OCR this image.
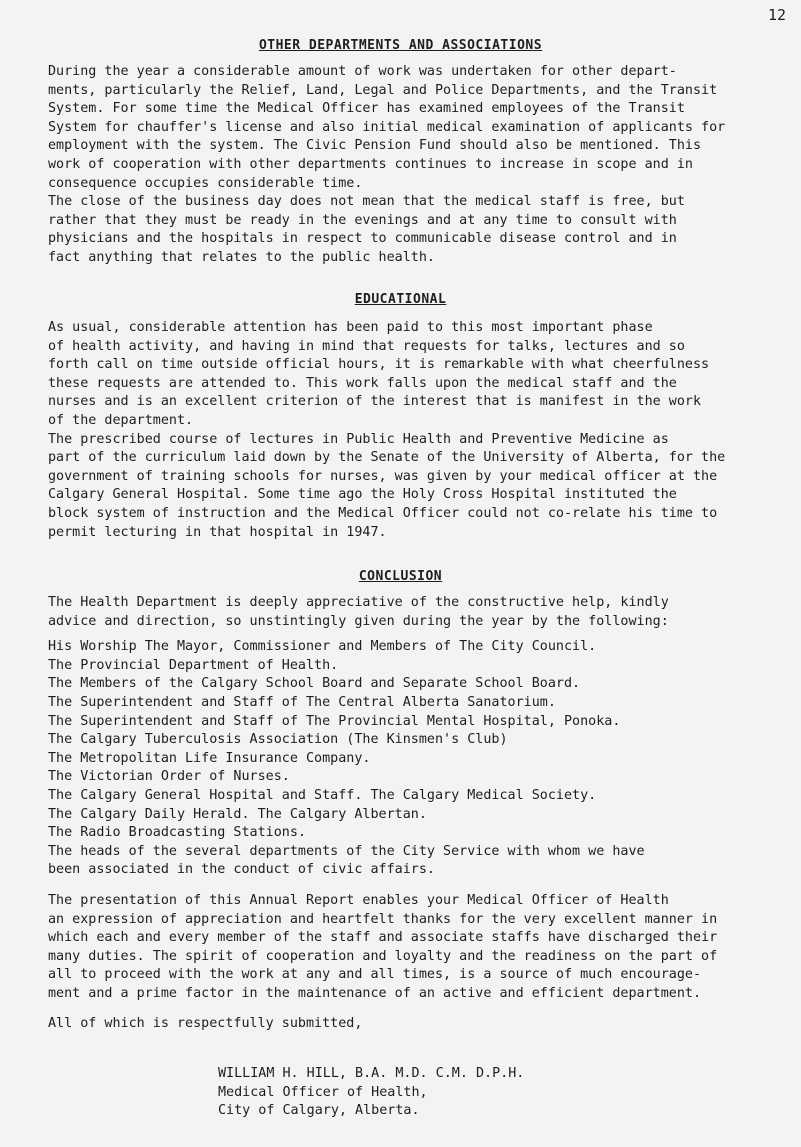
12
OTHER DEPARTMENTS AND ASSOCIATIONS

During the year a considerable amount of work was undertaken for other depart-
ments, particularly the Relief, Land, Legal and Police Departments, and the Transit
System. For some time the Medical Officer has examined employees of the Transit
System for chauffer's license and also initial medical examination of applicants for
employment with the system. The Civic Pension Fund should also be mentioned. This
work of cooperation with other departments continues to increase in scope and in
consequence occupies considerable time.

The close of the business day does not mean that the medical staff is free, but
rather that they must be ready in the evenings and at any time to consult with
physicians and the hospitals in respect to communicable disease control and in
fact anything that relates to the public health.

EDUCATIONAL

As usual, considerable attention has been paid to this most important phase
of health activity, and having in mind that requests for talks, lectures and so
forth call on time outside official hours, it is remarkable with what cheerfulness
these requests are attended to. This work falls upon the medical staff and the
nurses and is an excellent criterion of the interest that is manifest in the work
of the department.

The prescribed course of lectures in Public Health and Preventive Medicine as
part of the curriculum laid down by the Senate of the University of Alberta, for the
government of training schools for nurses, was given by your medical officer at the
Calgary General Hospital. Some time ago the Holy Cross Hospital instituted the
block system of instruction and the Medical Officer could not co-relate his time to
permit lecturing in that hospital in 1947.

CONCLUSION

The Health Department is deeply appreciative of the constructive help, kindly
advice and direction, so unstintingly given during the year by the following:

His Worship The Mayor, Commissioner and Members of The City Council.
The Provincial Department of Health.
The Members of the Calgary School Board and Separate School Board.
The Superintendent and Staff of The Central Alberta Sanatorium.
The Superintendent and Staff of The Provincial Mental Hospital, Ponoka.
The Calgary Tuberculosis Association (The Kinsmen's Club)
The Metropolitan Life Insurance Company.
The Victorian Order of Nurses.
The Calgary General Hospital and Staff. The Calgary Medical Society.
The Calgary Daily Herald. The Calgary Albertan.
The Radio Broadcasting Stations.
The heads of the several departments of the City Service with whom we have
been associated in the conduct of civic affairs.

The presentation of this Annual Report enables your Medical Officer of Health
an expression of appreciation and heartfelt thanks for the very excellent manner in
which each and every member of the staff and associate staffs have discharged their
many duties. The spirit of cooperation and loyalty and the readiness on the part of
all to proceed with the work at any and all times, is a source of much encourage-
ment and a prime factor in the maintenance of an active and efficient department.

All of which is respectfully submitted,

WILLIAM H. HILL, B.A. M.D. C.M. D.P.H.
Medical Officer of Health,
City of Calgary, Alberta.
